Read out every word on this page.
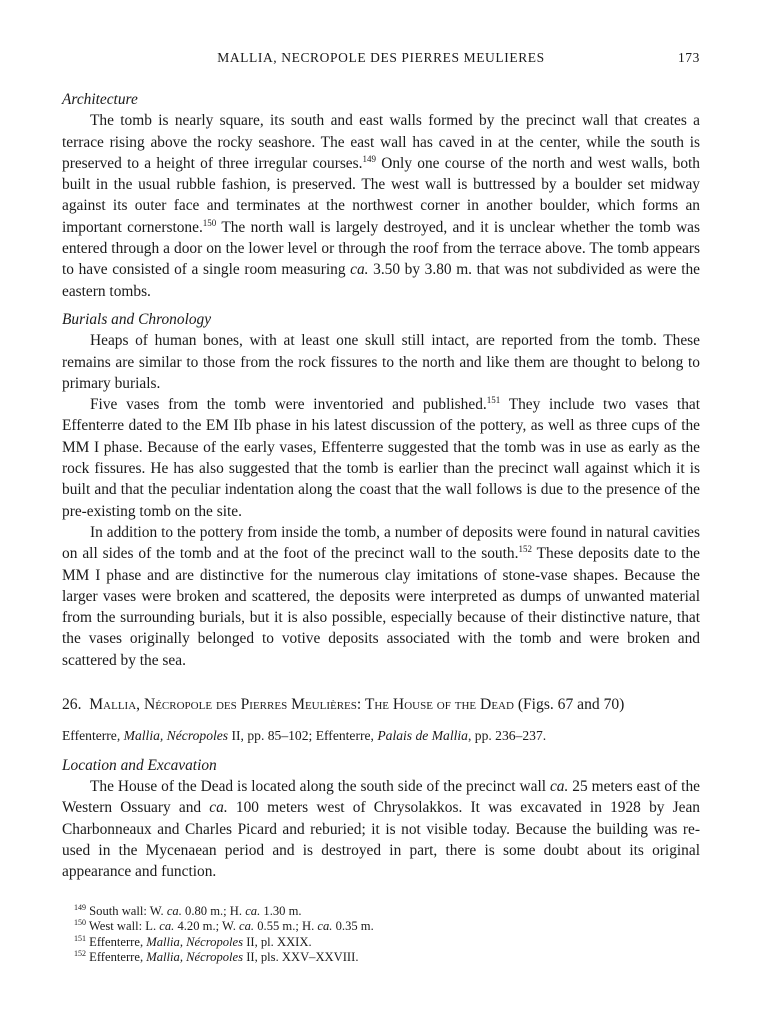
MALLIA, NECROPOLE DES PIERRES MEULIERES	173

Architecture

The tomb is nearly square, its south and east walls formed by the precinct wall that creates a terrace rising above the rocky seashore. The east wall has caved in at the center, while the south is preserved to a height of three irregular courses.$^{149}$ Only one course of the north and west walls, both built in the usual rubble fashion, is preserved. The west wall is buttressed by a boulder set midway against its outer face and terminates at the northwest corner in another boulder, which forms an important cornerstone.$^{150}$ The north wall is largely destroyed, and it is unclear whether the tomb was entered through a door on the lower level or through the roof from the terrace above. The tomb appears to have consisted of a single room measuring ca. 3.50 by 3.80 m. that was not subdivided as were the eastern tombs.

Burials and Chronology

Heaps of human bones, with at least one skull still intact, are reported from the tomb. These remains are similar to those from the rock fissures to the north and like them are thought to belong to primary burials.

Five vases from the tomb were inventoried and published.$^{151}$ They include two vases that Effenterre dated to the EM IIb phase in his latest discussion of the pottery, as well as three cups of the MM I phase. Because of the early vases, Effenterre suggested that the tomb was in use as early as the rock fissures. He has also suggested that the tomb is earlier than the precinct wall against which it is built and that the peculiar indentation along the coast that the wall follows is due to the presence of the pre-existing tomb on the site.

In addition to the pottery from inside the tomb, a number of deposits were found in natural cavities on all sides of the tomb and at the foot of the precinct wall to the south.$^{152}$ These deposits date to the MM I phase and are distinctive for the numerous clay imitations of stone-vase shapes. Because the larger vases were broken and scattered, the deposits were interpreted as dumps of unwanted material from the surrounding burials, but it is also possible, especially because of their distinctive nature, that the vases originally belonged to votive deposits associated with the tomb and were broken and scattered by the sea.

26. Mallia, Nécropole des Pierres Meulières: The House of the Dead (Figs. 67 and 70)

Effenterre, Mallia, Nécropoles II, pp. 85–102; Effenterre, Palais de Mallia, pp. 236–237.

Location and Excavation

The House of the Dead is located along the south side of the precinct wall ca. 25 meters east of the Western Ossuary and ca. 100 meters west of Chrysolakkos. It was excavated in 1928 by Jean Charbonneaux and Charles Picard and reburied; it is not visible today. Because the building was re-used in the Mycenaean period and is destroyed in part, there is some doubt about its original appearance and function.

$^{149}$ South wall: W. ca. 0.80 m.; H. ca. 1.30 m.

$^{150}$ West wall: L. ca. 4.20 m.; W. ca. 0.55 m.; H. ca. 0.35 m.

$^{151}$ Effenterre, Mallia, Nécropoles II, pl. XXIX.

$^{152}$ Effenterre, Mallia, Nécropoles II, pls. XXV–XXVIII.
